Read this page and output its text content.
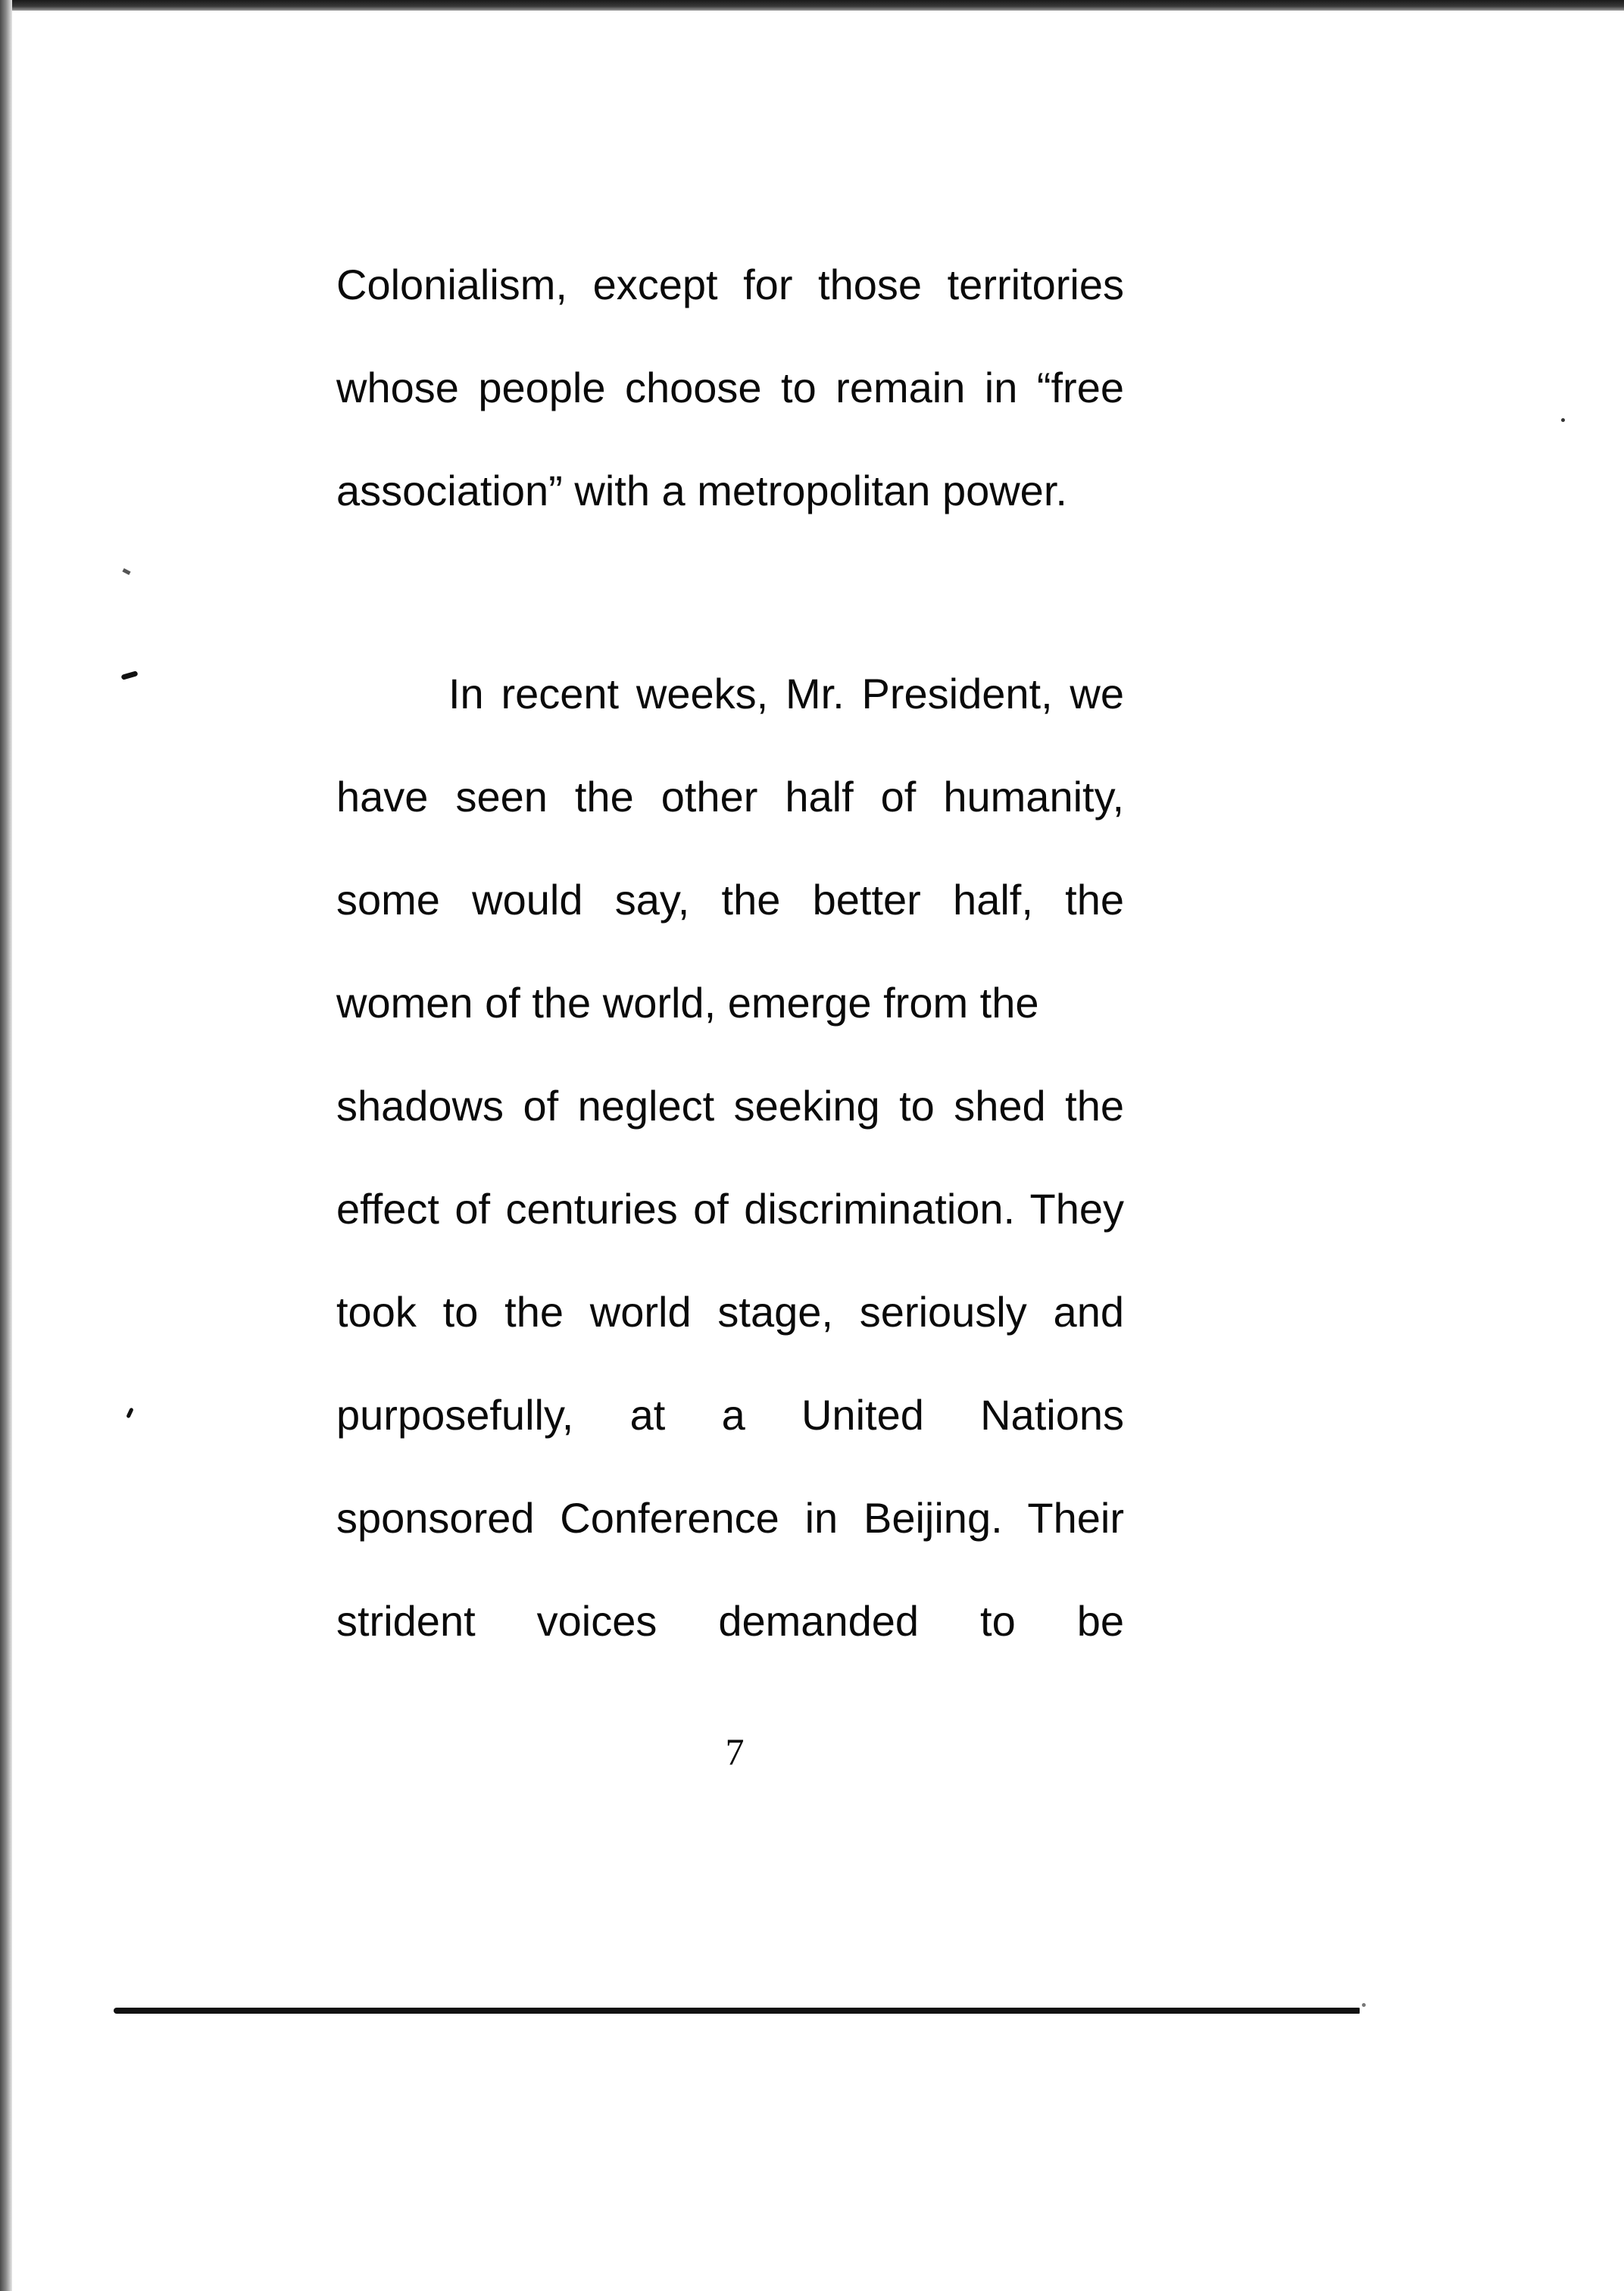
Colonialism, except for those territories
whose people choose to remain in “free
association” with a metropolitan power.
In recent weeks, Mr. President, we
have seen the other half of humanity,
some would say, the better half, the
women of the world, emerge from the
shadows of neglect seeking to shed the
effect of centuries of discrimination. They
took to the world stage, seriously and
purposefully, at a United Nations
sponsored Conference in Beijing. Their
strident voices demanded to be
7
